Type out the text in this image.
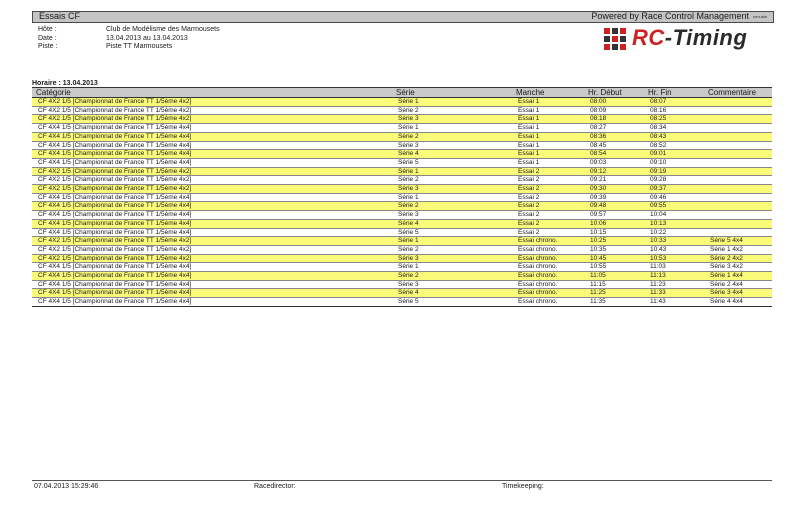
Essais CF	Powered by Race Control Management rcm-win
Hôte :	Club de Modélisme des Marmousets
Date :	13.04.2013 au 13.04.2013
Piste :	Piste TT Marmousets	RC-Timing
Horaire : 13.04.2013
Catégorie	Série	Manche	Hr. Début	Hr. Fin	Commentaire
CF 4X2 1/5 [Championnat de France TT 1/5ème 4x2]	Série 1	Essai 1	08:00	08:07	
CF 4X2 1/5 [Championnat de France TT 1/5ème 4x2]	Série 2	Essai 1	08:09	08:16	
CF 4X2 1/5 [Championnat de France TT 1/5ème 4x2]	Série 3	Essai 1	08:18	08:25	
CF 4X4 1/5 [Championnat de France TT 1/5ème 4x4]	Série 1	Essai 1	08:27	08:34	
CF 4X4 1/5 [Championnat de France TT 1/5ème 4x4]	Série 2	Essai 1	08:36	08:43	
CF 4X4 1/5 [Championnat de France TT 1/5ème 4x4]	Série 3	Essai 1	08:45	08:52	
CF 4X4 1/5 [Championnat de France TT 1/5ème 4x4]	Série 4	Essai 1	08:54	09:01	
CF 4X4 1/5 [Championnat de France TT 1/5ème 4x4]	Série 5	Essai 1	09:03	09:10	
CF 4X2 1/5 [Championnat de France TT 1/5ème 4x2]	Série 1	Essai 2	09:12	09:19	
CF 4X2 1/5 [Championnat de France TT 1/5ème 4x2]	Série 2	Essai 2	09:21	09:28	
CF 4X2 1/5 [Championnat de France TT 1/5ème 4x2]	Série 3	Essai 2	09:30	09:37	
CF 4X4 1/5 [Championnat de France TT 1/5ème 4x4]	Série 1	Essai 2	09:39	09:46	
CF 4X4 1/5 [Championnat de France TT 1/5ème 4x4]	Série 2	Essai 2	09:48	09:55	
CF 4X4 1/5 [Championnat de France TT 1/5ème 4x4]	Série 3	Essai 2	09:57	10:04	
CF 4X4 1/5 [Championnat de France TT 1/5ème 4x4]	Série 4	Essai 2	10:06	10:13	
CF 4X4 1/5 [Championnat de France TT 1/5ème 4x4]	Série 5	Essai 2	10:15	10:22	
CF 4X2 1/5 [Championnat de France TT 1/5ème 4x2]	Série 1	Essai chrono.	10:25	10:33	Série 5 4x4
CF 4X2 1/5 [Championnat de France TT 1/5ème 4x2]	Série 2	Essai chrono.	10:35	10:43	Série 1 4x2
CF 4X2 1/5 [Championnat de France TT 1/5ème 4x2]	Série 3	Essai chrono.	10:45	10:53	Série 2 4x2
CF 4X4 1/5 [Championnat de France TT 1/5ème 4x4]	Série 1	Essai chrono.	10:55	11:03	Série 3 4x2
CF 4X4 1/5 [Championnat de France TT 1/5ème 4x4]	Série 2	Essai chrono.	11:05	11:13	Série 1 4x4
CF 4X4 1/5 [Championnat de France TT 1/5ème 4x4]	Série 3	Essai chrono.	11:15	11:23	Série 2 4x4
CF 4X4 1/5 [Championnat de France TT 1/5ème 4x4]	Série 4	Essai chrono.	11:25	11:33	Série 3 4x4
CF 4X4 1/5 [Championnat de France TT 1/5ème 4x4]	Série 5	Essai chrono.	11:35	11:43	Série 4 4x4
07.04.2013 15:29:46	Racedirector:	Timekeeping:
